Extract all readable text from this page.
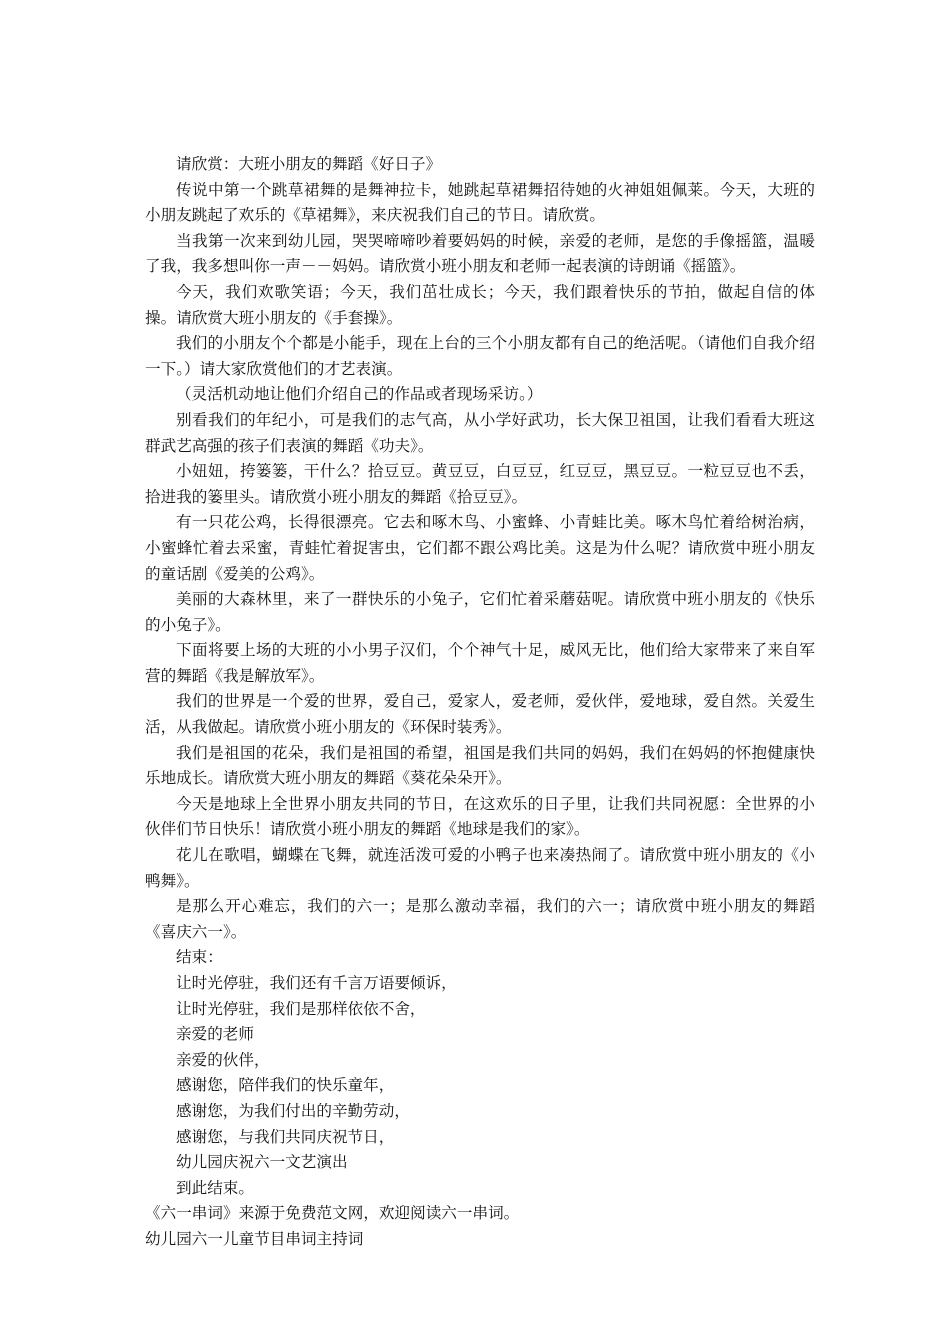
请欣赏：大班小朋友的舞蹈《好日子》

传说中第一个跳草裙舞的是舞神拉卡，她跳起草裙舞招待她的火神姐姐佩莱。今天，大班的小朋友跳起了欢乐的《草裙舞》，来庆祝我们自己的节日。请欣赏。

当我第一次来到幼儿园，哭哭啼啼吵着要妈妈的时候，亲爱的老师，是您的手像摇篮，温暖了我，我多想叫你一声－－妈妈。请欣赏小班小朋友和老师一起表演的诗朗诵《摇篮》。

今天，我们欢歌笑语；今天，我们茁壮成长；今天，我们跟着快乐的节拍，做起自信的体操。请欣赏大班小朋友的《手套操》。

我们的小朋友个个都是小能手，现在上台的三个小朋友都有自己的绝活呢。（请他们自我介绍一下。）请大家欣赏他们的才艺表演。

（灵活机动地让他们介绍自己的作品或者现场采访。）

别看我们的年纪小，可是我们的志气高，从小学好武功，长大保卫祖国，让我们看看大班这群武艺高强的孩子们表演的舞蹈《功夫》。

小妞妞，挎篓篓，干什么？拾豆豆。黄豆豆，白豆豆，红豆豆，黑豆豆。一粒豆豆也不丢，拾进我的篓里头。请欣赏小班小朋友的舞蹈《拾豆豆》。

有一只花公鸡，长得很漂亮。它去和啄木鸟、小蜜蜂、小青蛙比美。啄木鸟忙着给树治病，小蜜蜂忙着去采蜜，青蛙忙着捉害虫，它们都不跟公鸡比美。这是为什么呢？请欣赏中班小朋友的童话剧《爱美的公鸡》。

美丽的大森林里，来了一群快乐的小兔子，它们忙着采蘑菇呢。请欣赏中班小朋友的《快乐的小兔子》。

下面将要上场的大班的小小男子汉们，个个神气十足，威风无比，他们给大家带来了来自军营的舞蹈《我是解放军》。

我们的世界是一个爱的世界，爱自己，爱家人，爱老师，爱伙伴，爱地球，爱自然。关爱生活，从我做起。请欣赏小班小朋友的《环保时装秀》。

我们是祖国的花朵，我们是祖国的希望，祖国是我们共同的妈妈，我们在妈妈的怀抱健康快乐地成长。请欣赏大班小朋友的舞蹈《葵花朵朵开》。

今天是地球上全世界小朋友共同的节日，在这欢乐的日子里，让我们共同祝愿：全世界的小伙伴们节日快乐！请欣赏小班小朋友的舞蹈《地球是我们的家》。

花儿在歌唱，蝴蝶在飞舞，就连活泼可爱的小鸭子也来凑热闹了。请欣赏中班小朋友的《小鸭舞》。

是那么开心难忘，我们的六一；是那么激动幸福，我们的六一；请欣赏中班小朋友的舞蹈《喜庆六一》。

结束：

让时光停驻，我们还有千言万语要倾诉，

让时光停驻，我们是那样依依不舍，

亲爱的老师

亲爱的伙伴，

感谢您，陪伴我们的快乐童年，

感谢您，为我们付出的辛勤劳动，

感谢您，与我们共同庆祝节日，

幼儿园庆祝六一文艺演出

到此结束。

《六一串词》来源于免费范文网，欢迎阅读六一串词。

幼儿园六一儿童节目串词主持词
